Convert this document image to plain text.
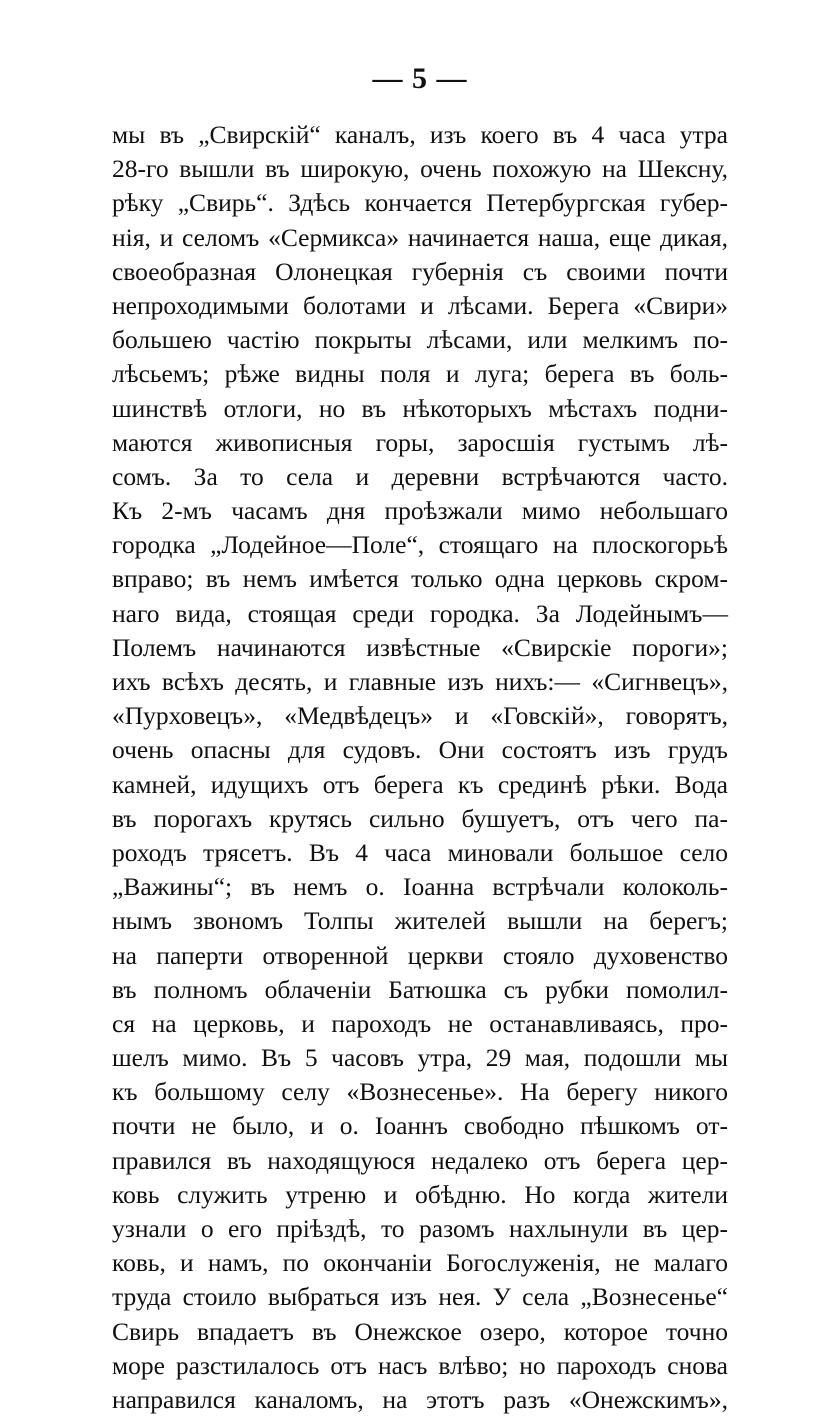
— 5 —
мы въ „Свирскій“ каналъ, изъ коего въ 4 часа утра
28-го вышли въ широкую, очень похожую на Шексну,
рѣку „Свирь“. Здѣсь кончается Петербургская губер-
нія, и селомъ «Сермикса» начинается наша, еще дикая,
своеобразная Олонецкая губернія съ своими почти
непроходимыми болотами и лѣсами. Берега «Свири»
большею частію покрыты лѣсами, или мелкимъ по-
лѣсьемъ; рѣже видны поля и луга; берега въ боль-
шинствѣ отлоги, но въ нѣкоторыхъ мѣстахъ подни-
маются живописныя горы, заросшія густымъ лѣ-
сомъ. За то села и деревни встрѣчаются часто.
Къ 2-мъ часамъ дня проѣзжали мимо небольшаго
городка „Лодейное—Поле“, стоящаго на плоскогорьѣ
вправо; въ немъ имѣется только одна церковь скром-
наго вида, стоящая среди городка. За Лодейнымъ—
Полемъ начинаются извѣстные «Свирскіе пороги»;
ихъ всѣхъ десять, и главные изъ нихъ:— «Сигнвецъ»,
«Пурховецъ», «Медвѣдецъ» и «Говскій», говорятъ,
очень опасны для судовъ. Они состоятъ изъ грудъ
камней, идущихъ отъ берега къ срединѣ рѣки. Вода
въ порогахъ крутясь сильно бушуетъ, отъ чего па-
роходъ трясетъ. Въ 4 часа миновали большое село
„Важины“; въ немъ о. Іоанна встрѣчали колоколь-
нымъ звономъ Толпы жителей вышли на берегъ;
на паперти отворенной церкви стояло духовенство
въ полномъ облаченіи Батюшка съ рубки помолил-
ся на церковь, и пароходъ не останавливаясь, про-
шелъ мимо. Въ 5 часовъ утра, 29 мая, подошли мы
къ большому селу «Вознесенье». На берегу никого
почти не было, и о. Іоаннъ свободно пѣшкомъ от-
правился въ находящуюся недалеко отъ берега цер-
ковь служить утреню и обѣдню. Но когда жители
узнали о его пріѣздѣ, то разомъ нахлынули въ цер-
ковь, и намъ, по окончаніи Богослуженія, не малаго
труда стоило выбраться изъ нея. У села „Вознесенье“
Свирь впадаетъ въ Онежское озеро, которое точно
море разстилалось отъ насъ влѣво; но пароходъ снова
направился каналомъ, на этотъ разъ «Онежскимъ»,
